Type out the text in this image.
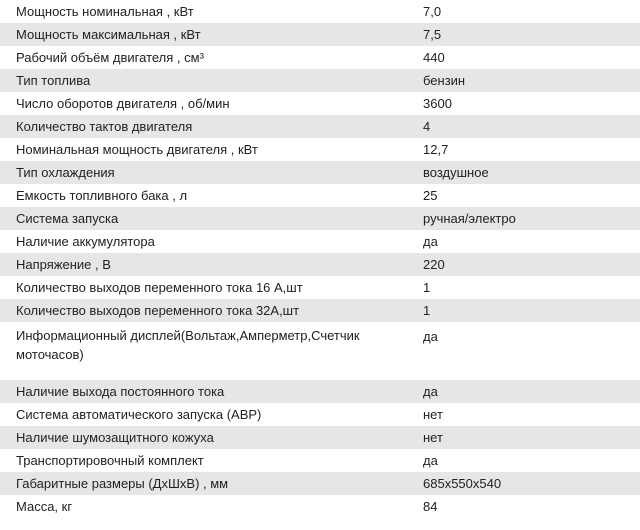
Мощность номинальная , кВт	7,0
Мощность максимальная , кВт	7,5
Рабочий объём двигателя , см³	440
Тип топлива	бензин
Число оборотов двигателя , об/мин	3600
Количество тактов двигателя	4
Номинальная мощность двигателя , кВт	12,7
Тип охлаждения	воздушное
Емкость топливного бака , л	25
Система запуска	ручная/электро
Наличие аккумулятора	да
Напряжение , В	220
Количество выходов переменного тока 16 А,шт	1
Количество выходов переменного тока 32А,шт	1
Информационный дисплей(Вольтаж,Амперметр,Счетчик моточасов)	да
Наличие выхода постоянного тока	да
Система автоматического запуска (АВР)	нет
Наличие шумозащитного кожуха	нет
Транспортировочный комплект	да
Габаритные размеры (ДхШхВ) , мм	685х550х540
Масса, кг	84
